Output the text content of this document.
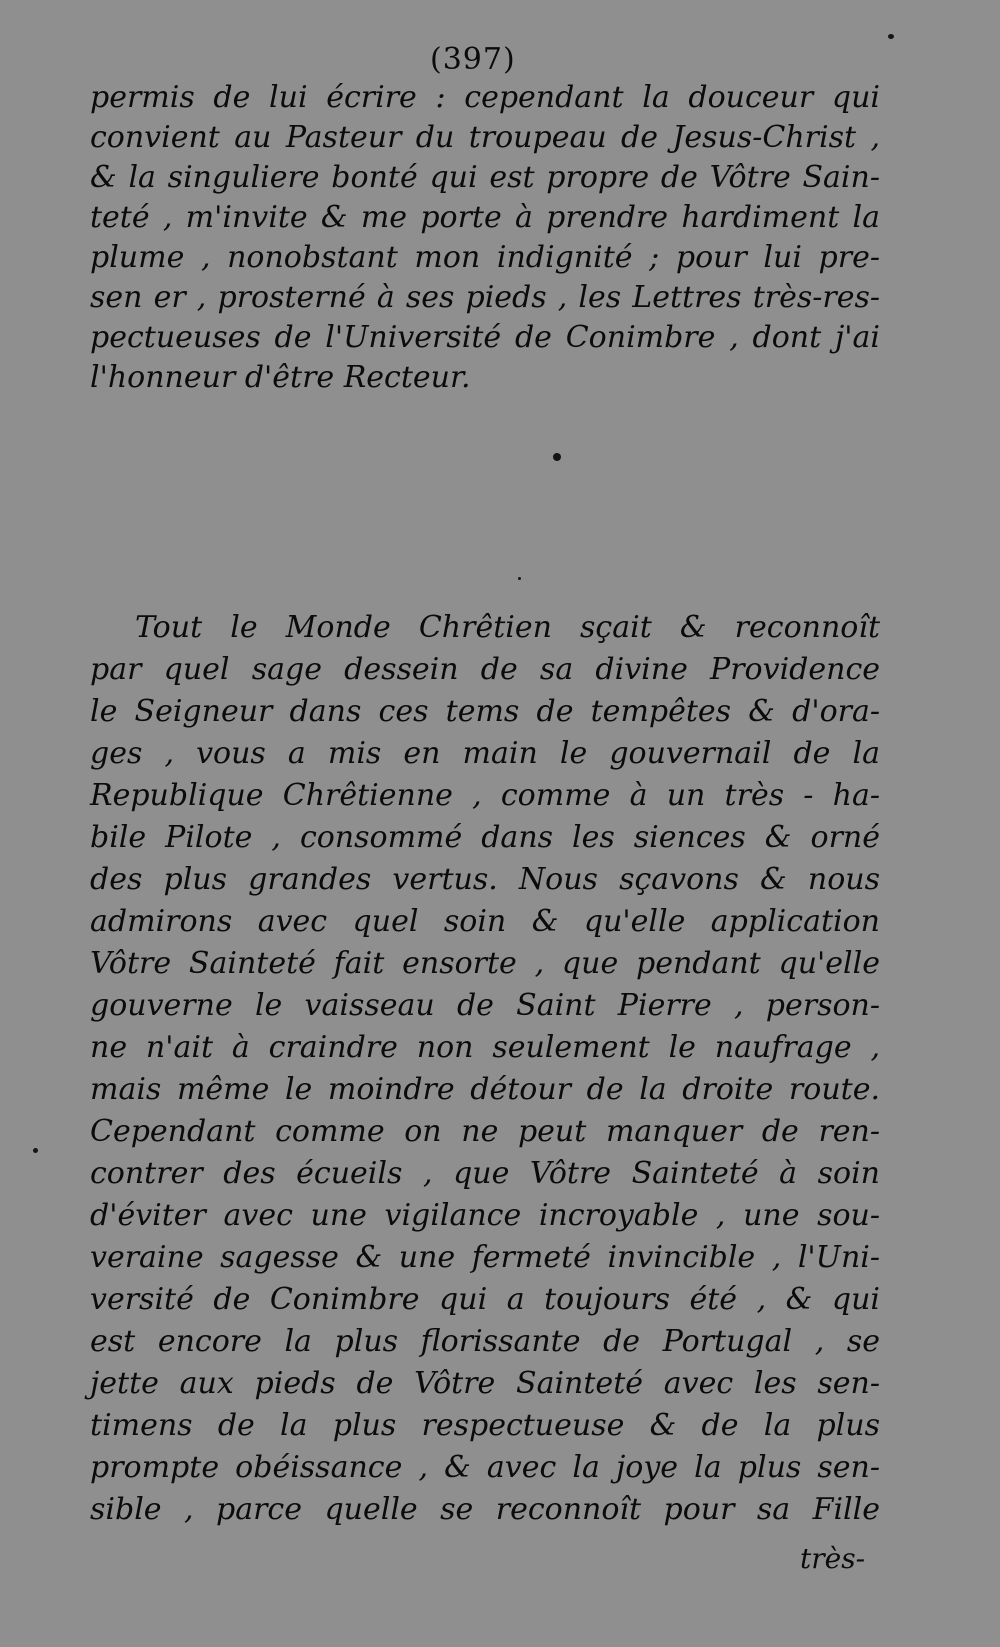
(397)
permis de lui écrire : cependant la douceur qui
convient au Pasteur du troupeau de Jesus-Christ ,
& la singuliere bonté qui est propre de Vôtre Sain-
teté , m'invite & me porte à prendre hardiment la
plume , nonobstant mon indignité ; pour lui pre-
sen er , prosterné à ses pieds , les Lettres très-res-
pectueuses de l'Université de Conimbre , dont j'ai
l'honneur d'être Recteur.
Tout le Monde Chrêtien sçait & reconnoît
par quel sage dessein de sa divine Providence
le Seigneur dans ces tems de tempêtes & d'ora-
ges , vous a mis en main le gouvernail de la
Republique Chrêtienne , comme à un très - ha-
bile Pilote , consommé dans les siences & orné
des plus grandes vertus. Nous sçavons & nous
admirons avec quel soin & qu'elle application
Vôtre Sainteté fait ensorte , que pendant qu'elle
gouverne le vaisseau de Saint Pierre , person-
ne n'ait à craindre non seulement le naufrage ,
mais même le moindre détour de la droite route.
Cependant comme on ne peut manquer de ren-
contrer des écueils , que Vôtre Sainteté à soin
d'éviter avec une vigilance incroyable , une sou-
veraine sagesse & une fermeté invincible , l'Uni-
versité de Conimbre qui a toujours été , & qui
est encore la plus florissante de Portugal , se
jette aux pieds de Vôtre Sainteté avec les sen-
timens de la plus respectueuse & de la plus
prompte obéissance , & avec la joye la plus sen-
sible , parce quelle se reconnoît pour sa Fille
très-
